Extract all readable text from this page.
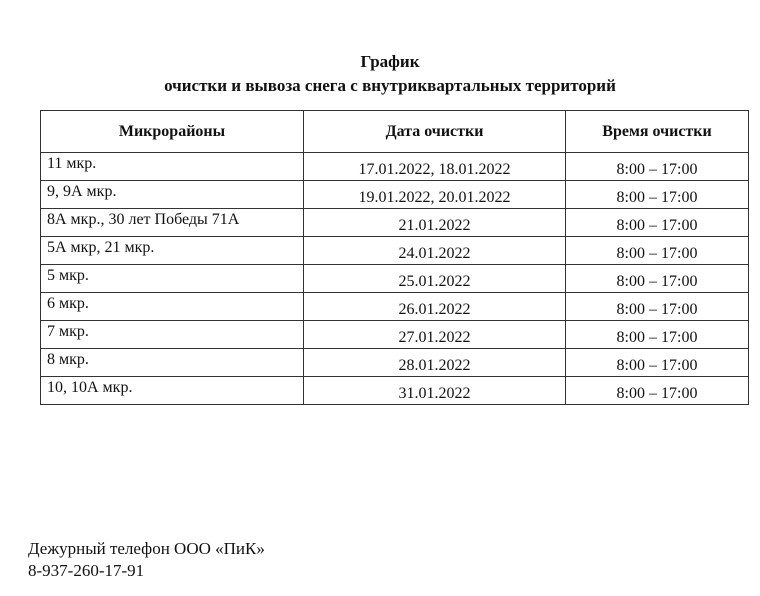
График
очистки и вывоза снега с внутриквартальных территорий
Микрорайоны	Дата очистки	Время очистки
11 мкр.	17.01.2022, 18.01.2022	8:00 – 17:00
9, 9А мкр.	19.01.2022, 20.01.2022	8:00 – 17:00
8А мкр., 30 лет Победы 71А	21.01.2022	8:00 – 17:00
5А мкр, 21 мкр.	24.01.2022	8:00 – 17:00
5 мкр.	25.01.2022	8:00 – 17:00
6 мкр.	26.01.2022	8:00 – 17:00
7 мкр.	27.01.2022	8:00 – 17:00
8 мкр.	28.01.2022	8:00 – 17:00
10, 10А мкр.	31.01.2022	8:00 – 17:00
Дежурный телефон ООО «ПиК»
8-937-260-17-91
